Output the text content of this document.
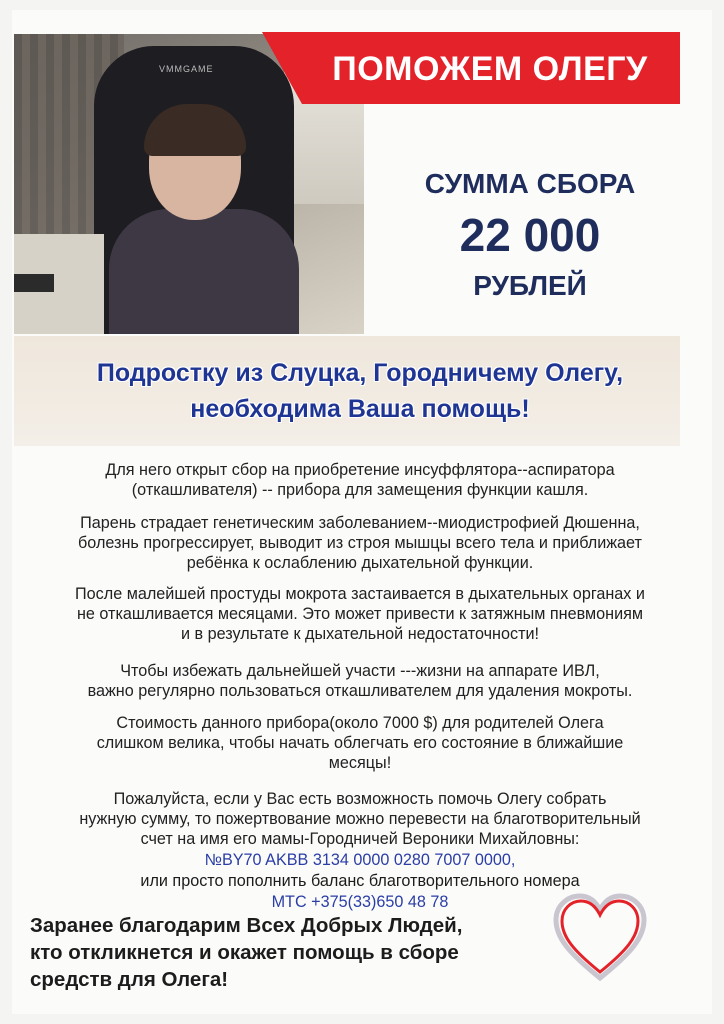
VMMGAME	ПОМОЖЕМ ОЛЕГУ
СУММА СБОРА
22 000
РУБЛЕЙ
Подростку из Слуцка, Городничему Олегу,
необходима Ваша помощь!
Для него открыт сбор на приобретение инсуффлятора--аспиратора
(откашливателя) -- прибора для замещения функции кашля.
Парень страдает генетическим заболеванием--миодистрофией Дюшенна,
болезнь прогрессирует, выводит из строя мышцы всего тела и приближает
ребёнка к ослаблению дыхательной функции.
После малейшей простуды мокрота застаивается в дыхательных органах и
не откашливается месяцами. Это может привести к затяжным пневмониям
и в результате к дыхательной недостаточности!
Чтобы избежать дальнейшей участи ---жизни на аппарате ИВЛ,
важно регулярно пользоваться откашливателем для удаления мокроты.
Стоимость данного прибора(около 7000 $) для родителей Олега
слишком велика, чтобы начать облегчать его состояние в ближайшие
месяцы!
Пожалуйста, если у Вас есть возможность помочь Олегу собрать
нужную сумму, то пожертвование можно перевести на благотворительный
счет на имя его мамы-Городничей Вероники Михайловны:
№BY70 AKBB 3134 0000 0280 7007 0000,
или просто пополнить баланс благотворительного номера
МТС +375(33)650 48 78
Заранее благодарим Всех Добрых Людей,
кто откликнется и окажет помощь в сборе
средств для Олега!
